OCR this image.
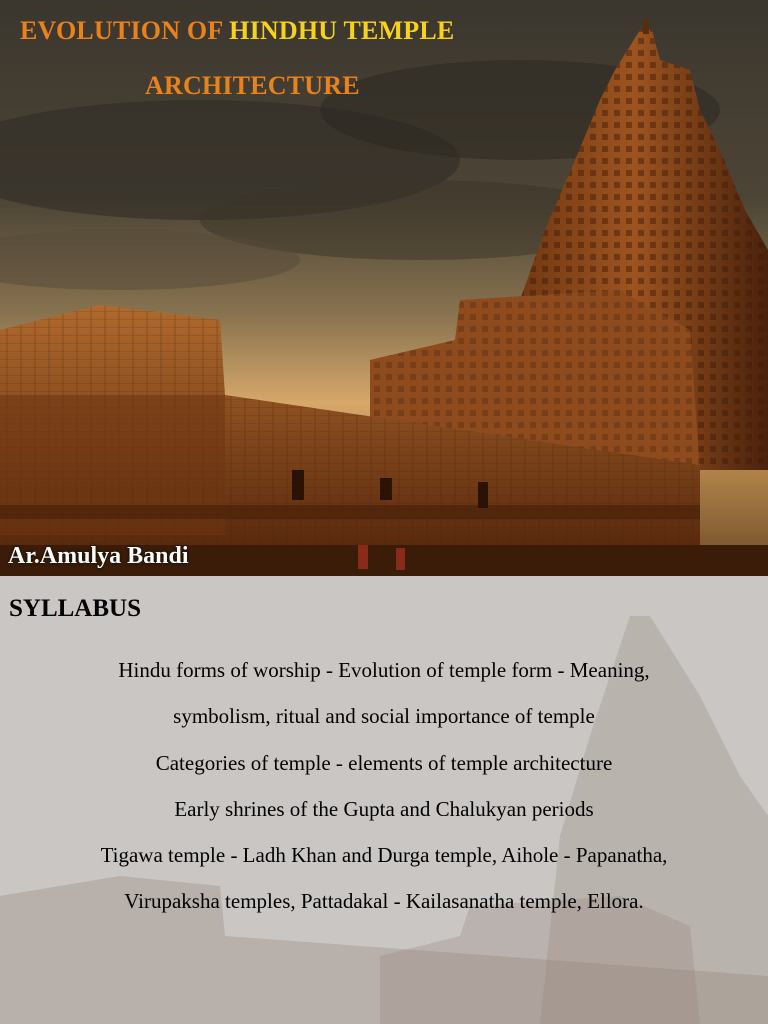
EVOLUTION OF HINDHU TEMPLE
ARCHITECTURE
Ar.Amulya Bandi
SYLLABUS
Hindu forms of worship - Evolution of temple form - Meaning,
symbolism, ritual and social importance of temple
Categories of temple - elements of temple architecture
Early shrines of the Gupta and Chalukyan periods
Tigawa temple - Ladh Khan and Durga temple, Aihole - Papanatha,
Virupaksha temples, Pattadakal - Kailasanatha temple, Ellora.
